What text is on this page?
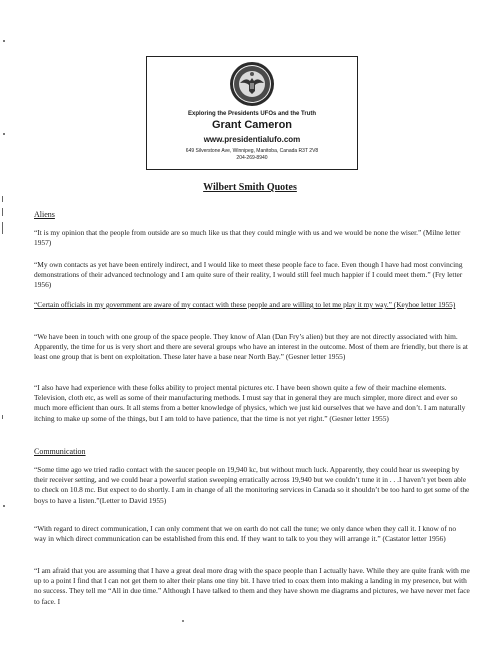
Exploring the Presidents UFOs and the Truth
Grant Cameron
www.presidentialufo.com
649 Silverstone Ave, Winnipeg, Manitoba, Canada R3T 2V8
204-269-8940
Wilbert Smith Quotes
Aliens
“It is my opinion that the people from outside are so much like us that they could mingle with us and we would be none the wiser.” (Milne letter 1957)
“My own contacts as yet have been entirely indirect, and I would like to meet these people face to face. Even though I have had most convincing demonstrations of their advanced technology and I am quite sure of their reality, I would still feel much happier if I could meet them.” (Fry letter 1956)
“Certain officials in my government are aware of my contact with these people and are willing to let me play it my way.” (Keyhoe letter 1955)
“We have been in touch with one group of the space people. They know of Alan (Dan Fry’s alien) but they are not directly associated with him. Apparently, the time for us is very short and there are several groups who have an interest in the outcome. Most of them are friendly, but there is at least one group that is bent on exploitation. These later have a base near North Bay.” (Gesner letter 1955)
“I also have had experience with these folks ability to project mental pictures etc. I have been shown quite a few of their machine elements. Television, cloth etc, as well as some of their manufacturing methods. I must say that in general they are much simpler, more direct and ever so much more efficient than ours. It all stems from a better knowledge of physics, which we just kid ourselves that we have and don’t. I am naturally itching to make up some of the things, but I am told to have patience, that the time is not yet right.” (Gesner letter 1955)
Communication
“Some time ago we tried radio contact with the saucer people on 19,940 kc, but without much luck. Apparently, they could hear us sweeping by their receiver setting, and we could hear a powerful station sweeping erratically across 19,940 but we couldn’t tune it in . . .I haven’t yet been able to check on 10.8 mc. But expect to do shortly. I am in change of all the monitoring services in Canada so it shouldn’t be too hard to get some of the boys to have a listen.”(Letter to David 1955)
“With regard to direct communication, I can only comment that we on earth do not call the tune; we only dance when they call it. I know of no way in which direct communication can be established from this end. If they want to talk to you they will arrange it.” (Castator letter 1956)
“I am afraid that you are assuming that I have a great deal more drag with the space people than I actually have. While they are quite frank with me up to a point I find that I can not get them to alter their plans one tiny bit. I have tried to coax them into making a landing in my presence, but with no success. They tell me “All in due time.” Although I have talked to them and they have shown me diagrams and pictures, we have never met face to face. I
